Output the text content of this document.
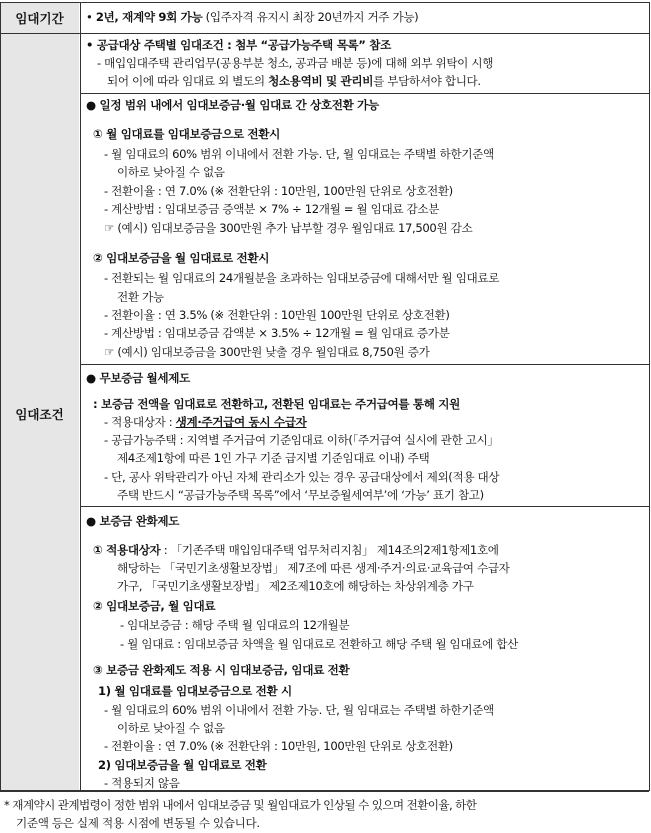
임대기간
임대조건
• 2년, 재계약 9회 가능 (입주자격 유지시 최장 20년까지 거주 가능)
• 공급대상 주택별 임대조건 : 첨부 “공급가능주택 목록” 참조
- 매입임대주택 관리업무(공용부분 청소, 공과금 배분 등)에 대해 외부 위탁이 시행
되어 이에 따라 임대료 외 별도의 청소용역비 및 관리비를 부담하셔야 합니다.
● 일정 범위 내에서 임대보증금·월 임대료 간 상호전환 가능
① 월 임대료를 임대보증금으로 전환시
- 월 임대료의 60% 범위 이내에서 전환 가능. 단, 월 임대료는 주택별 하한기준액
이하로 낮아질 수 없음
- 전환이율 : 연 7.0% (※ 전환단위 : 10만원, 100만원 단위로 상호전환)
- 계산방법 : 임대보증금 증액분 × 7% ÷ 12개월 = 월 임대료 감소분
☞ (예시) 임대보증금을 300만원 추가 납부할 경우 월임대료 17,500원 감소
② 임대보증금을 월 임대료로 전환시
- 전환되는 월 임대료의 24개월분을 초과하는 임대보증금에 대해서만 월 임대료로
전환 가능
- 전환이율 : 연 3.5% (※ 전환단위 : 10만원 100만원 단위로 상호전환)
- 계산방법 : 임대보증금 감액분 × 3.5% ÷ 12개월 = 월 임대료 증가분
☞ (예시) 임대보증금을 300만원 낮출 경우 월임대료 8,750원 증가
● 무보증금 월세제도
: 보증금 전액을 임대료로 전환하고, 전환된 임대료는 주거급여를 통해 지원
- 적용대상자 : 생계·주거급여 동시 수급자
- 공급가능주택 : 지역별 주거급여 기준임대료 이하(「주거급여 실시에 관한 고시」
제4조제1항에 따른 1인 가구 기준 급지별 기준임대료 이내) 주택
- 단, 공사 위탁관리가 아닌 자체 관리소가 있는 경우 공급대상에서 제외(적용 대상
주택 반드시 “공급가능주택 목록”에서 ‘무보증월세여부’에 ‘가능’ 표기 참고)
● 보증금 완화제도
① 적용대상자 : 「기존주택 매입임대주택 업무처리지침」 제14조의2제1항제1호에
해당하는 「국민기초생활보장법」 제7조에 따른 생계·주거·의료·교육급여 수급자
가구, 「국민기초생활보장법」 제2조제10호에 해당하는 차상위계층 가구
② 임대보증금, 월 임대료
- 임대보증금 : 해당 주택 월 임대료의 12개월분
- 월 임대료 : 임대보증금 차액을 월 임대료로 전환하고 해당 주택 월 임대료에 합산
③ 보증금 완화제도 적용 시 임대보증금, 임대료 전환
1) 월 임대료를 임대보증금으로 전환 시
- 월 임대료의 60% 범위 이내에서 전환 가능. 단, 월 임대료는 주택별 하한기준액
이하로 낮아질 수 없음
- 전환이율 : 연 7.0% (※ 전환단위 : 10만원, 100만원 단위로 상호전환)
2) 임대보증금을 월 임대료로 전환
- 적용되지 않음
* 재계약시 관계법령이 정한 범위 내에서 임대보증금 및 월임대료가 인상될 수 있으며 전환이율, 하한
기준액 등은 실제 적용 시점에 변동될 수 있습니다.
